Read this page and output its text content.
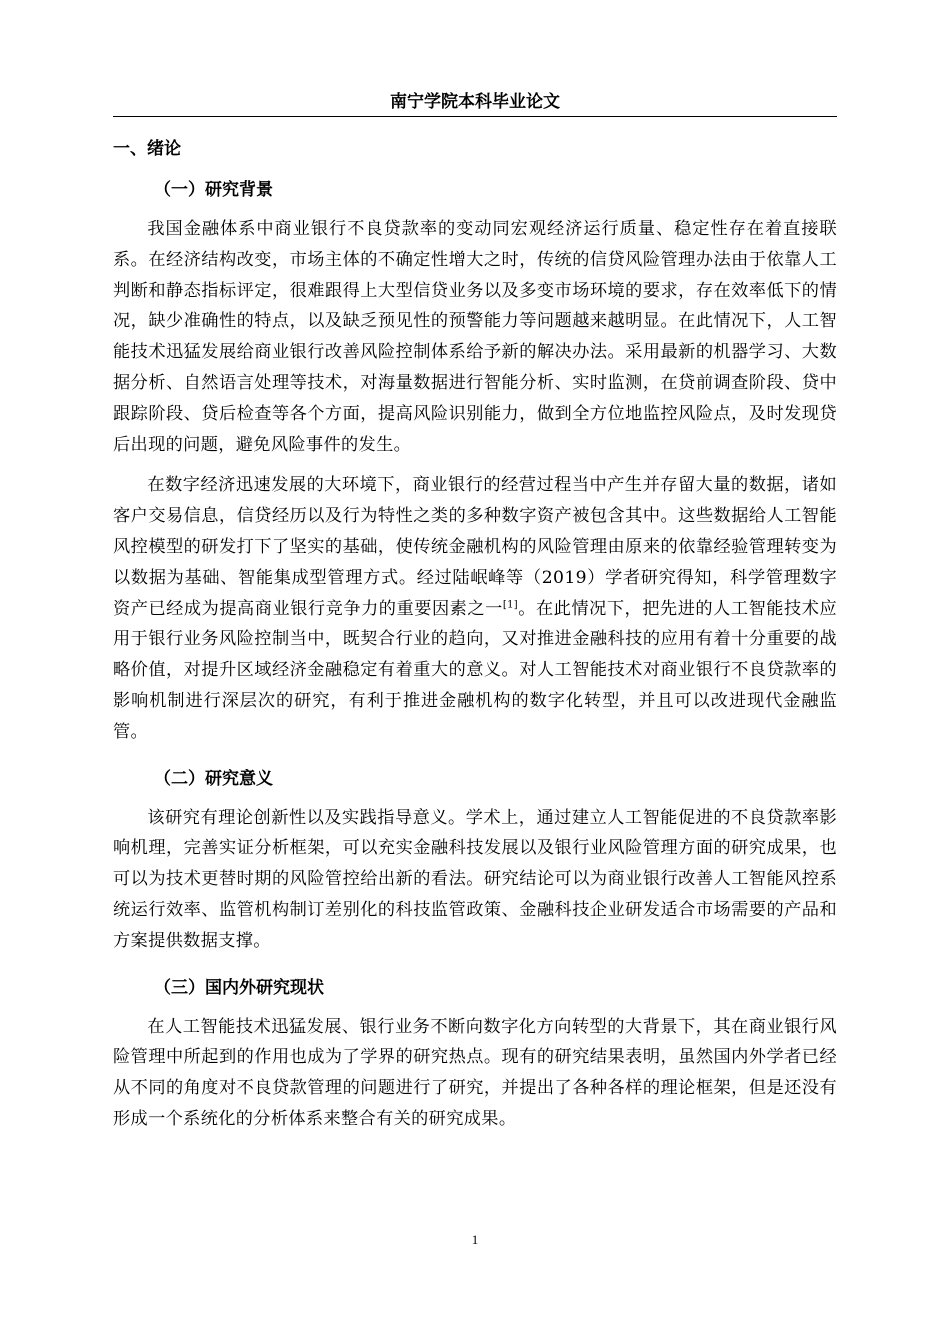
南宁学院本科毕业论文
一、绪论
（一）研究背景

我国金融体系中商业银行不良贷款率的变动同宏观经济运行质量、稳定性存在着直接联系。在经济结构改变，市场主体的不确定性增大之时，传统的信贷风险管理办法由于依靠人工判断和静态指标评定，很难跟得上大型信贷业务以及多变市场环境的要求，存在效率低下的情况，缺少准确性的特点，以及缺乏预见性的预警能力等问题越来越明显。在此情况下，人工智能技术迅猛发展给商业银行改善风险控制体系给予新的解决办法。采用最新的机器学习、大数据分析、自然语言处理等技术，对海量数据进行智能分析、实时监测，在贷前调查阶段、贷中跟踪阶段、贷后检查等各个方面，提高风险识别能力，做到全方位地监控风险点，及时发现贷后出现的问题，避免风险事件的发生。

在数字经济迅速发展的大环境下，商业银行的经营过程当中产生并存留大量的数据，诸如客户交易信息，信贷经历以及行为特性之类的多种数字资产被包含其中。这些数据给人工智能风控模型的研发打下了坚实的基础，使传统金融机构的风险管理由原来的依靠经验管理转变为以数据为基础、智能集成型管理方式。经过陆岷峰等（2019）学者研究得知，科学管理数字资产已经成为提高商业银行竞争力的重要因素之一[1]。在此情况下，把先进的人工智能技术应用于银行业务风险控制当中，既契合行业的趋向，又对推进金融科技的应用有着十分重要的战略价值，对提升区域经济金融稳定有着重大的意义。对人工智能技术对商业银行不良贷款率的影响机制进行深层次的研究，有利于推进金融机构的数字化转型，并且可以改进现代金融监管。

（二）研究意义

该研究有理论创新性以及实践指导意义。学术上，通过建立人工智能促进的不良贷款率影响机理，完善实证分析框架，可以充实金融科技发展以及银行业风险管理方面的研究成果，也可以为技术更替时期的风险管控给出新的看法。研究结论可以为商业银行改善人工智能风控系统运行效率、监管机构制订差别化的科技监管政策、金融科技企业研发适合市场需要的产品和方案提供数据支撑。

（三）国内外研究现状

在人工智能技术迅猛发展、银行业务不断向数字化方向转型的大背景下，其在商业银行风险管理中所起到的作用也成为了学界的研究热点。现有的研究结果表明，虽然国内外学者已经从不同的角度对不良贷款管理的问题进行了研究，并提出了各种各样的理论框架，但是还没有形成一个系统化的分析体系来整合有关的研究成果。

1
